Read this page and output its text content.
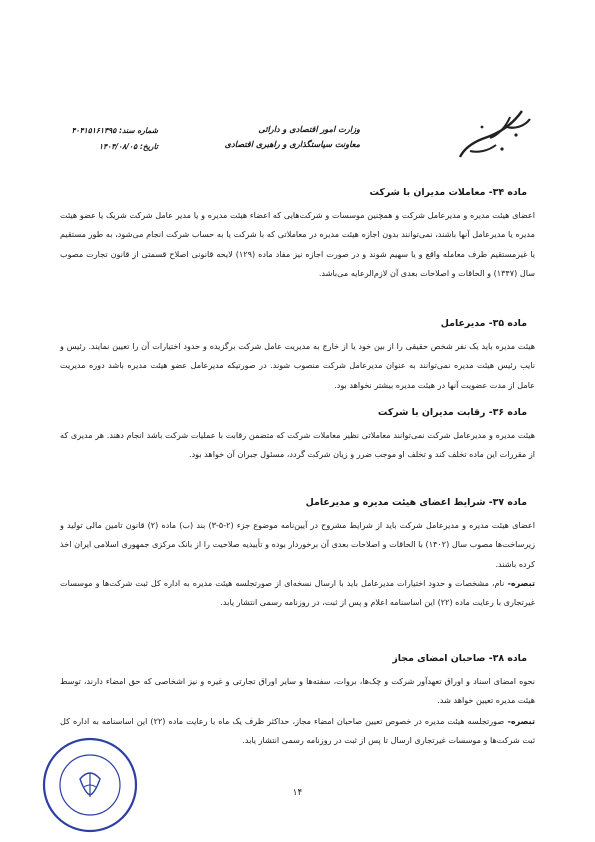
وزارت امور اقتصادی و دارائی
معاونت سیاستگذاری و راهبری اقتصادی
شماره سند: ۴۰۴۱۵۱۶۱۳۹۵
تاریخ: ۱۴۰۴/۰۸/۰۵
ماده ۳۴- معاملات مدیران با شرکت
اعضای هیئت مدیره و مدیرعامل شرکت و همچنین موسسات و شرکت‌هایی که اعضاء هیئت مدیره و یا مدیر عامل شرکت شریک یا عضو هیئت مدیره یا مدیرعامل آنها باشند، نمی‌توانند بدون اجازه هیئت مدیره در معاملاتی که با شرکت یا به حساب شرکت انجام می‌شود، به طور مستقیم یا غیرمستقیم طرف معامله واقع و یا سهیم شوند و در صورت اجازه نیز مفاد ماده (۱۲۹) لایحه قانونی اصلاح قسمتی از قانون تجارت مصوب سال (۱۳۴۷) و الحاقات و اصلاحات بعدی آن لازم‌الرعایه می‌باشد.
ماده ۳۵- مدیرعامل
هیئت مدیره باید یک نفر شخص حقیقی را از بین خود یا از خارج به مدیریت عامل شرکت برگزیده و حدود اختیارات آن را تعیین نمایند. رئیس و نایب رئیس هیئت مدیره نمی‌توانند به عنوان مدیرعامل شرکت منصوب شوند. در صورتیکه مدیرعامل عضو هیئت مدیره باشد دوره مدیریت عامل از مدت عضویت آنها در هیئت مدیره بیشتر نخواهد بود.
ماده ۳۶- رقابت مدیران با شرکت
هیئت مدیره و مدیرعامل شرکت نمی‌توانند معاملاتی نظیر معاملات شرکت که متضمن رقابت با عملیات شرکت باشد انجام دهند. هر مدیری که از مقررات این ماده تخلف کند و تخلف او موجب ضرر و زیان شرکت گردد، مسئول جبران آن خواهد بود.
ماده ۳۷- شرایط اعضای هیئت مدیره و مدیرعامل
اعضای هیئت مدیره و مدیرعامل شرکت باید از شرایط مشروح در آیین‌نامه موضوع جزء (۲-۵-۳) بند (ب) ماده (۲) قانون تامین مالی تولید و زیرساخت‌ها مصوب سال (۱۴۰۲) با الحاقات و اصلاحات بعدی آن برخوردار بوده و تأییدیه صلاحیت را از بانک مرکزی جمهوری اسلامی ایران اخذ کرده باشند.
تبصره- نام، مشخصات و حدود اختیارات مدیرعامل باید با ارسال نسخه‌ای از صورتجلسه هیئت مدیره به اداره کل ثبت شرکت‌ها و موسسات غیرتجاری با رعایت ماده (۲۲) این اساسنامه اعلام و پس از ثبت، در روزنامه رسمی انتشار یابد.
ماده ۳۸- صاحبان امضای مجاز
نحوه امضای اسناد و اوراق تعهدآور شرکت و چک‌ها، بروات، سفته‌ها و سایر اوراق تجارتی و غیره و نیز اشخاصی که حق امضاء دارند، توسط هیئت مدیره تعیین خواهد شد.
تبصره- صورتجلسه هیئت مدیره در خصوص تعیین صاحبان امضاء مجاز، حداکثر ظرف یک ماه با رعایت ماده (۲۲) این اساسنامه به اداره کل ثبت شرکت‌ها و موسسات غیرتجاری ارسال تا پس از ثبت در روزنامه رسمی انتشار یابد.
۱۴
